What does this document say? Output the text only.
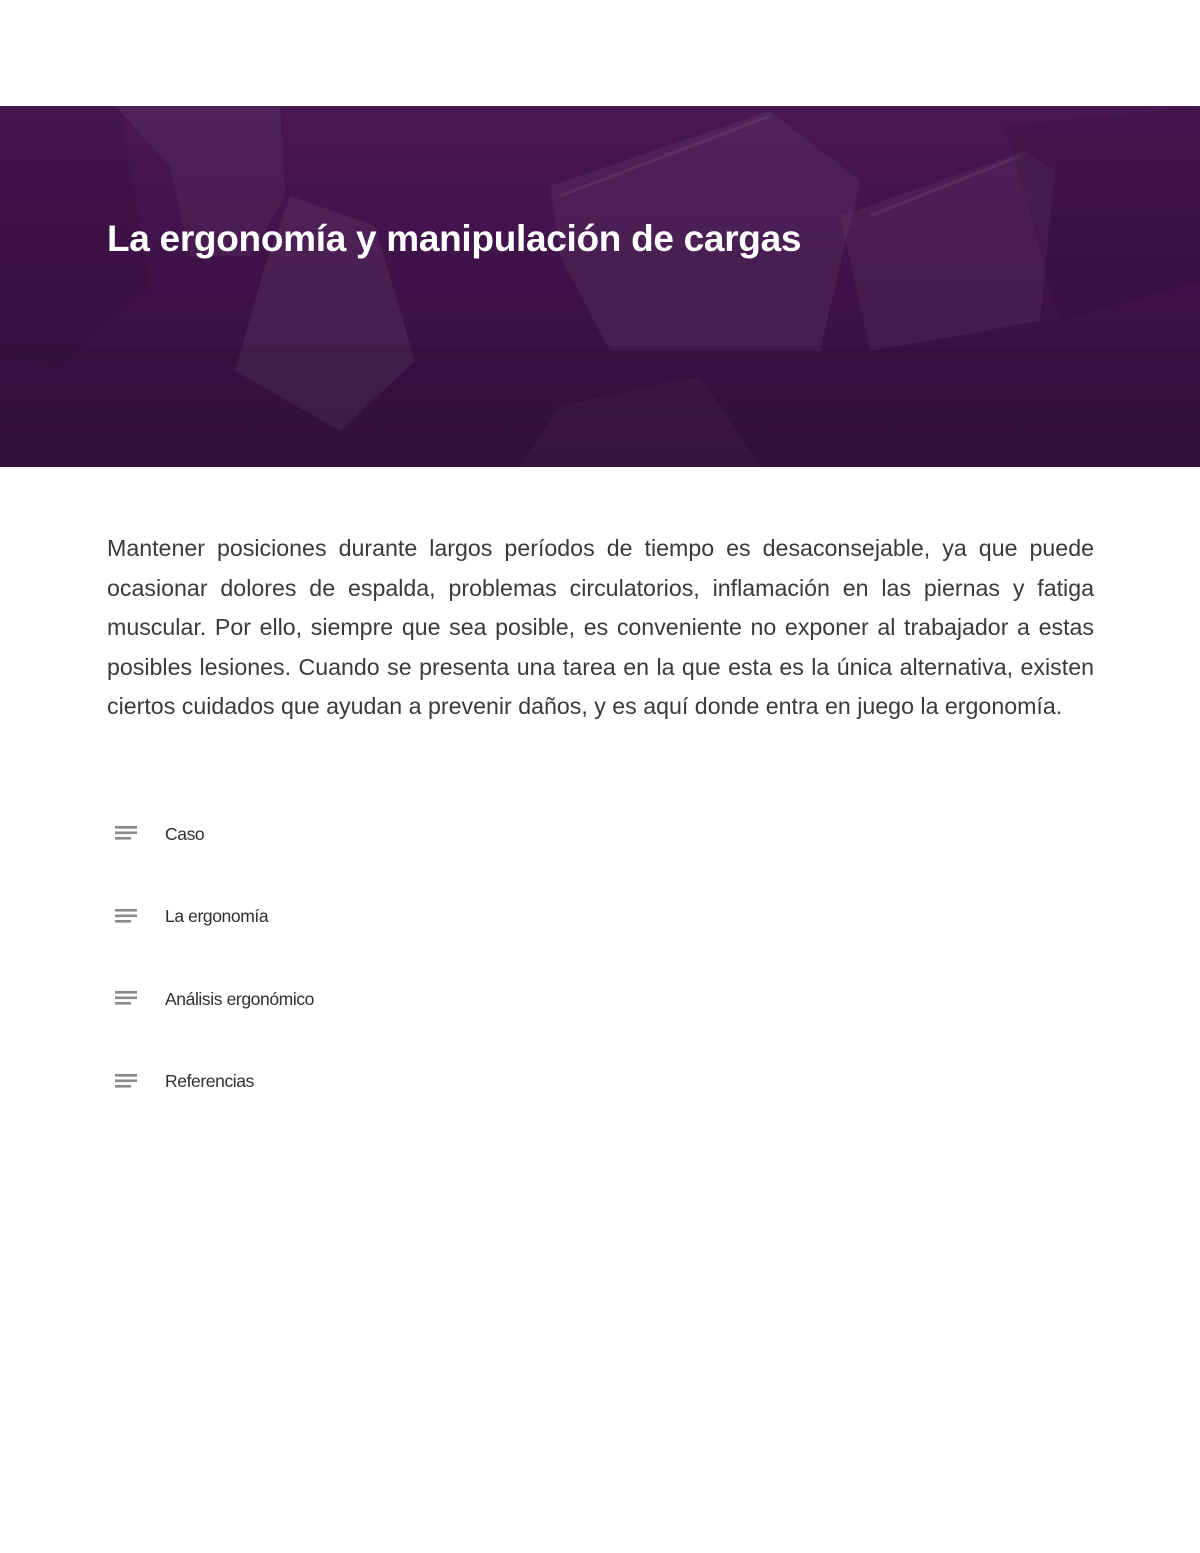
La ergonomía y manipulación de cargas

Mantener posiciones durante largos períodos de tiempo es desaconsejable, ya que puede ocasionar dolores de espalda, problemas circulatorios, inflamación en las piernas y fatiga muscular. Por ello, siempre que sea posible, es conveniente no exponer al trabajador a estas posibles lesiones. Cuando se presenta una tarea en la que esta es la única alternativa, existen ciertos cuidados que ayudan a prevenir daños, y es aquí donde entra en juego la ergonomía.

Caso
La ergonomía
Análisis ergonómico
Referencias
